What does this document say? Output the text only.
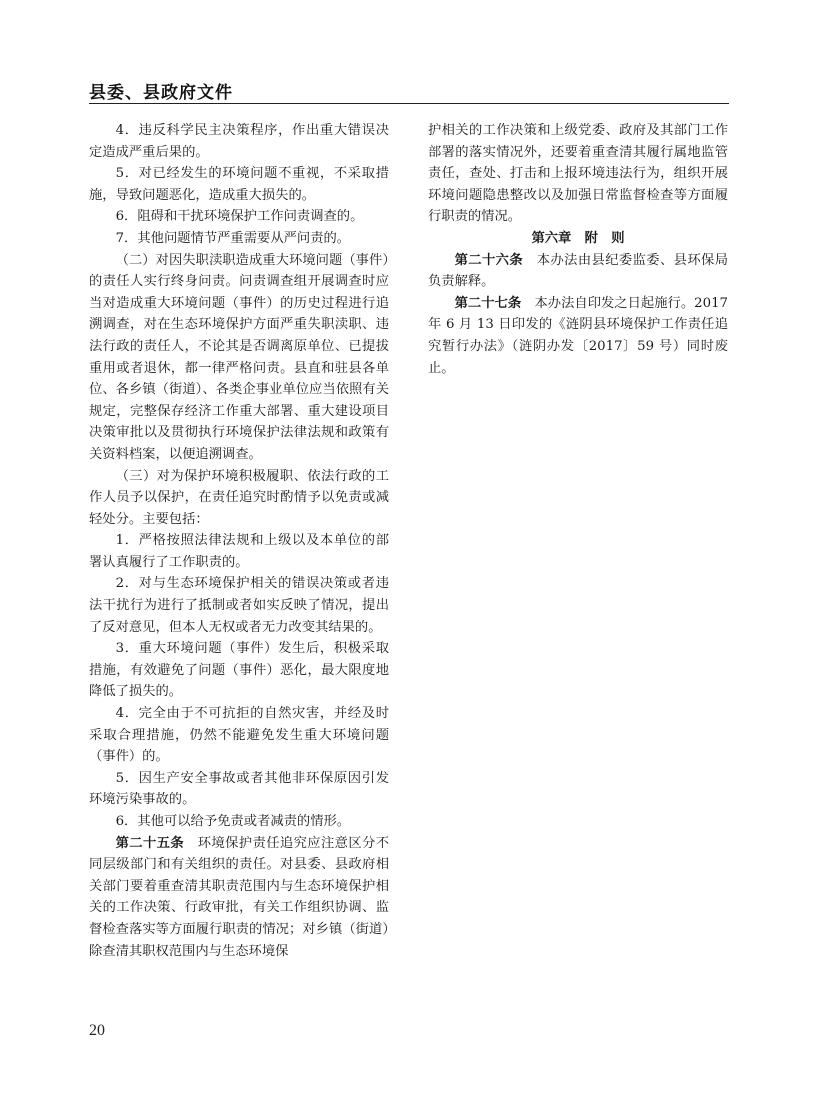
县委、县政府文件

4．违反科学民主决策程序，作出重大错误决定造成严重后果的。

5．对已经发生的环境问题不重视，不采取措施，导致问题恶化，造成重大损失的。

6．阻碍和干扰环境保护工作问责调查的。

7．其他问题情节严重需要从严问责的。

（二）对因失职渎职造成重大环境问题（事件）的责任人实行终身问责。问责调查组开展调查时应当对造成重大环境问题（事件）的历史过程进行追溯调查，对在生态环境保护方面严重失职渎职、违法行政的责任人，不论其是否调离原单位、已提拔重用或者退休，都一律严格问责。县直和驻县各单位、各乡镇（街道）、各类企事业单位应当依照有关规定，完整保存经济工作重大部署、重大建设项目决策审批以及贯彻执行环境保护法律法规和政策有关资料档案，以便追溯调查。

（三）对为保护环境积极履职、依法行政的工作人员予以保护，在责任追究时酌情予以免责或减轻处分。主要包括：

1．严格按照法律法规和上级以及本单位的部署认真履行了工作职责的。

2．对与生态环境保护相关的错误决策或者违法干扰行为进行了抵制或者如实反映了情况，提出了反对意见，但本人无权或者无力改变其结果的。

3．重大环境问题（事件）发生后，积极采取措施，有效避免了问题（事件）恶化，最大限度地降低了损失的。

4．完全由于不可抗拒的自然灾害，并经及时采取合理措施，仍然不能避免发生重大环境问题（事件）的。

5．因生产安全事故或者其他非环保原因引发环境污染事故的。

6．其他可以给予免责或者减责的情形。

第二十五条　 环境保护责任追究应注意区分不同层级部门和有关组织的责任。对县委、县政府相关部门要着重查清其职责范围内与生态环境保护相关的工作决策、行政审批，有关工作组织协调、监督检查落实等方面履行职责的情况；对乡镇（街道）除查清其职权范围内与生态环境保

护相关的工作决策和上级党委、政府及其部门工作部署的落实情况外，还要着重查清其履行属地监管责任，查处、打击和上报环境违法行为，组织开展环境问题隐患整改以及加强日常监督检查等方面履行职责的情况。

第六章　附　则

第二十六条　 本办法由县纪委监委、县环保局负责解释。

第二十七条　 本办法自印发之日起施行。2017 年 6 月 13 日印发的《涟阴县环境保护工作责任追究暂行办法》（涟阴办发〔2017〕59 号）同时废止。

20
